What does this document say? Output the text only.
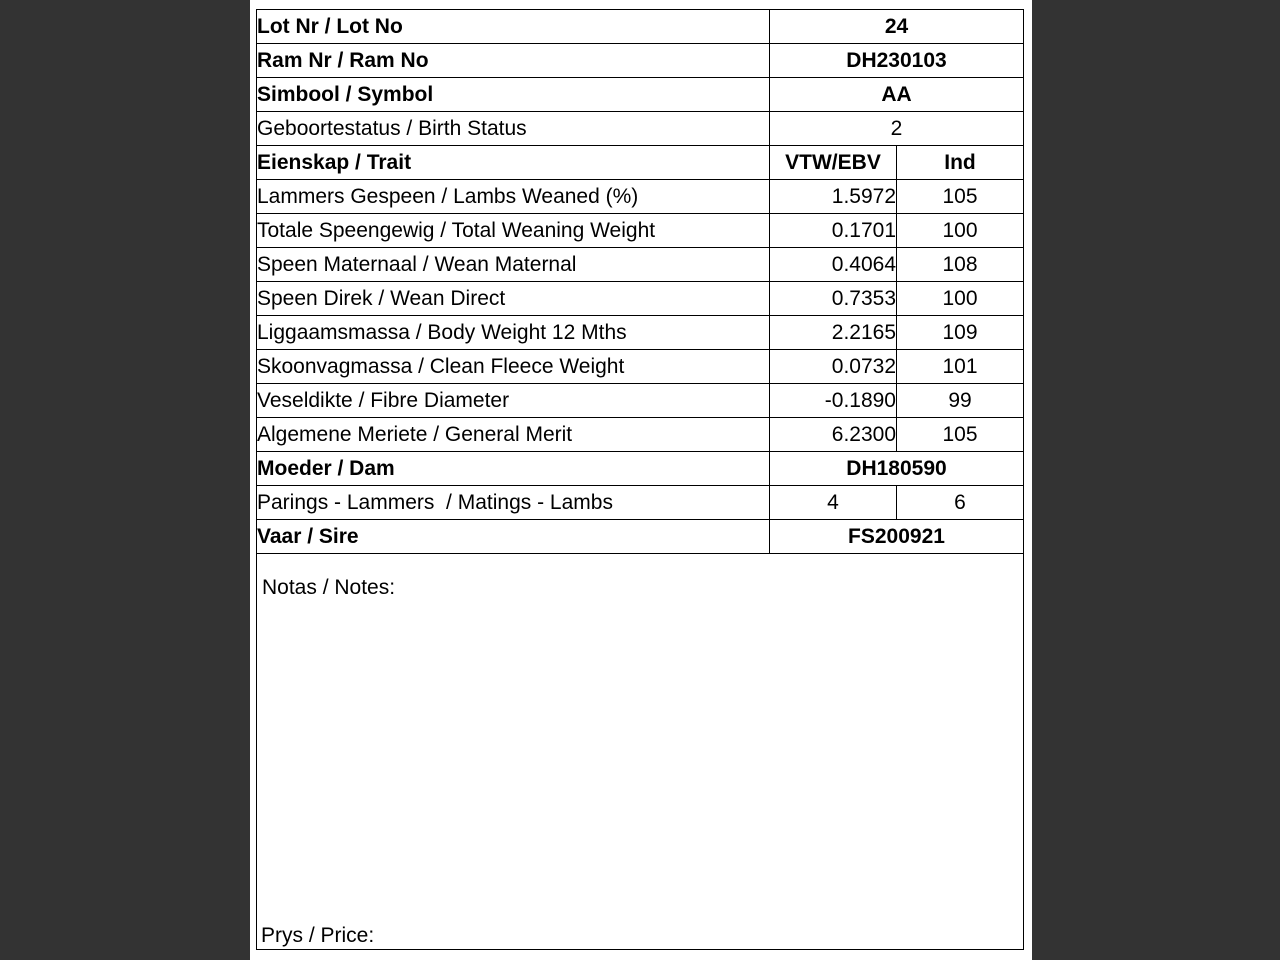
Lot Nr / Lot No	24	
Ram Nr / Ram No	DH230103	
Simbool / Symbol	AA	
Geboortestatus / Birth Status	2	
Eienskap / Trait	VTW/EBV	Ind
Lammers Gespeen / Lambs Weaned (%)	1.5972	105
Totale Speengewig / Total Weaning Weight	0.1701	100
Speen Maternaal / Wean Maternal	0.4064	108
Speen Direk / Wean Direct	0.7353	100
Liggaamsmassa / Body Weight 12 Mths	2.2165	109
Skoonvagmassa / Clean Fleece Weight	0.0732	101
Veseldikte / Fibre Diameter	-0.1890	99
Algemene Meriete / General Merit	6.2300	105
Moeder / Dam	DH180590	
Parings - Lammers  / Matings - Lambs	4	6
Vaar / Sire	FS200921	
Notas / Notes:
Prys / Price:
